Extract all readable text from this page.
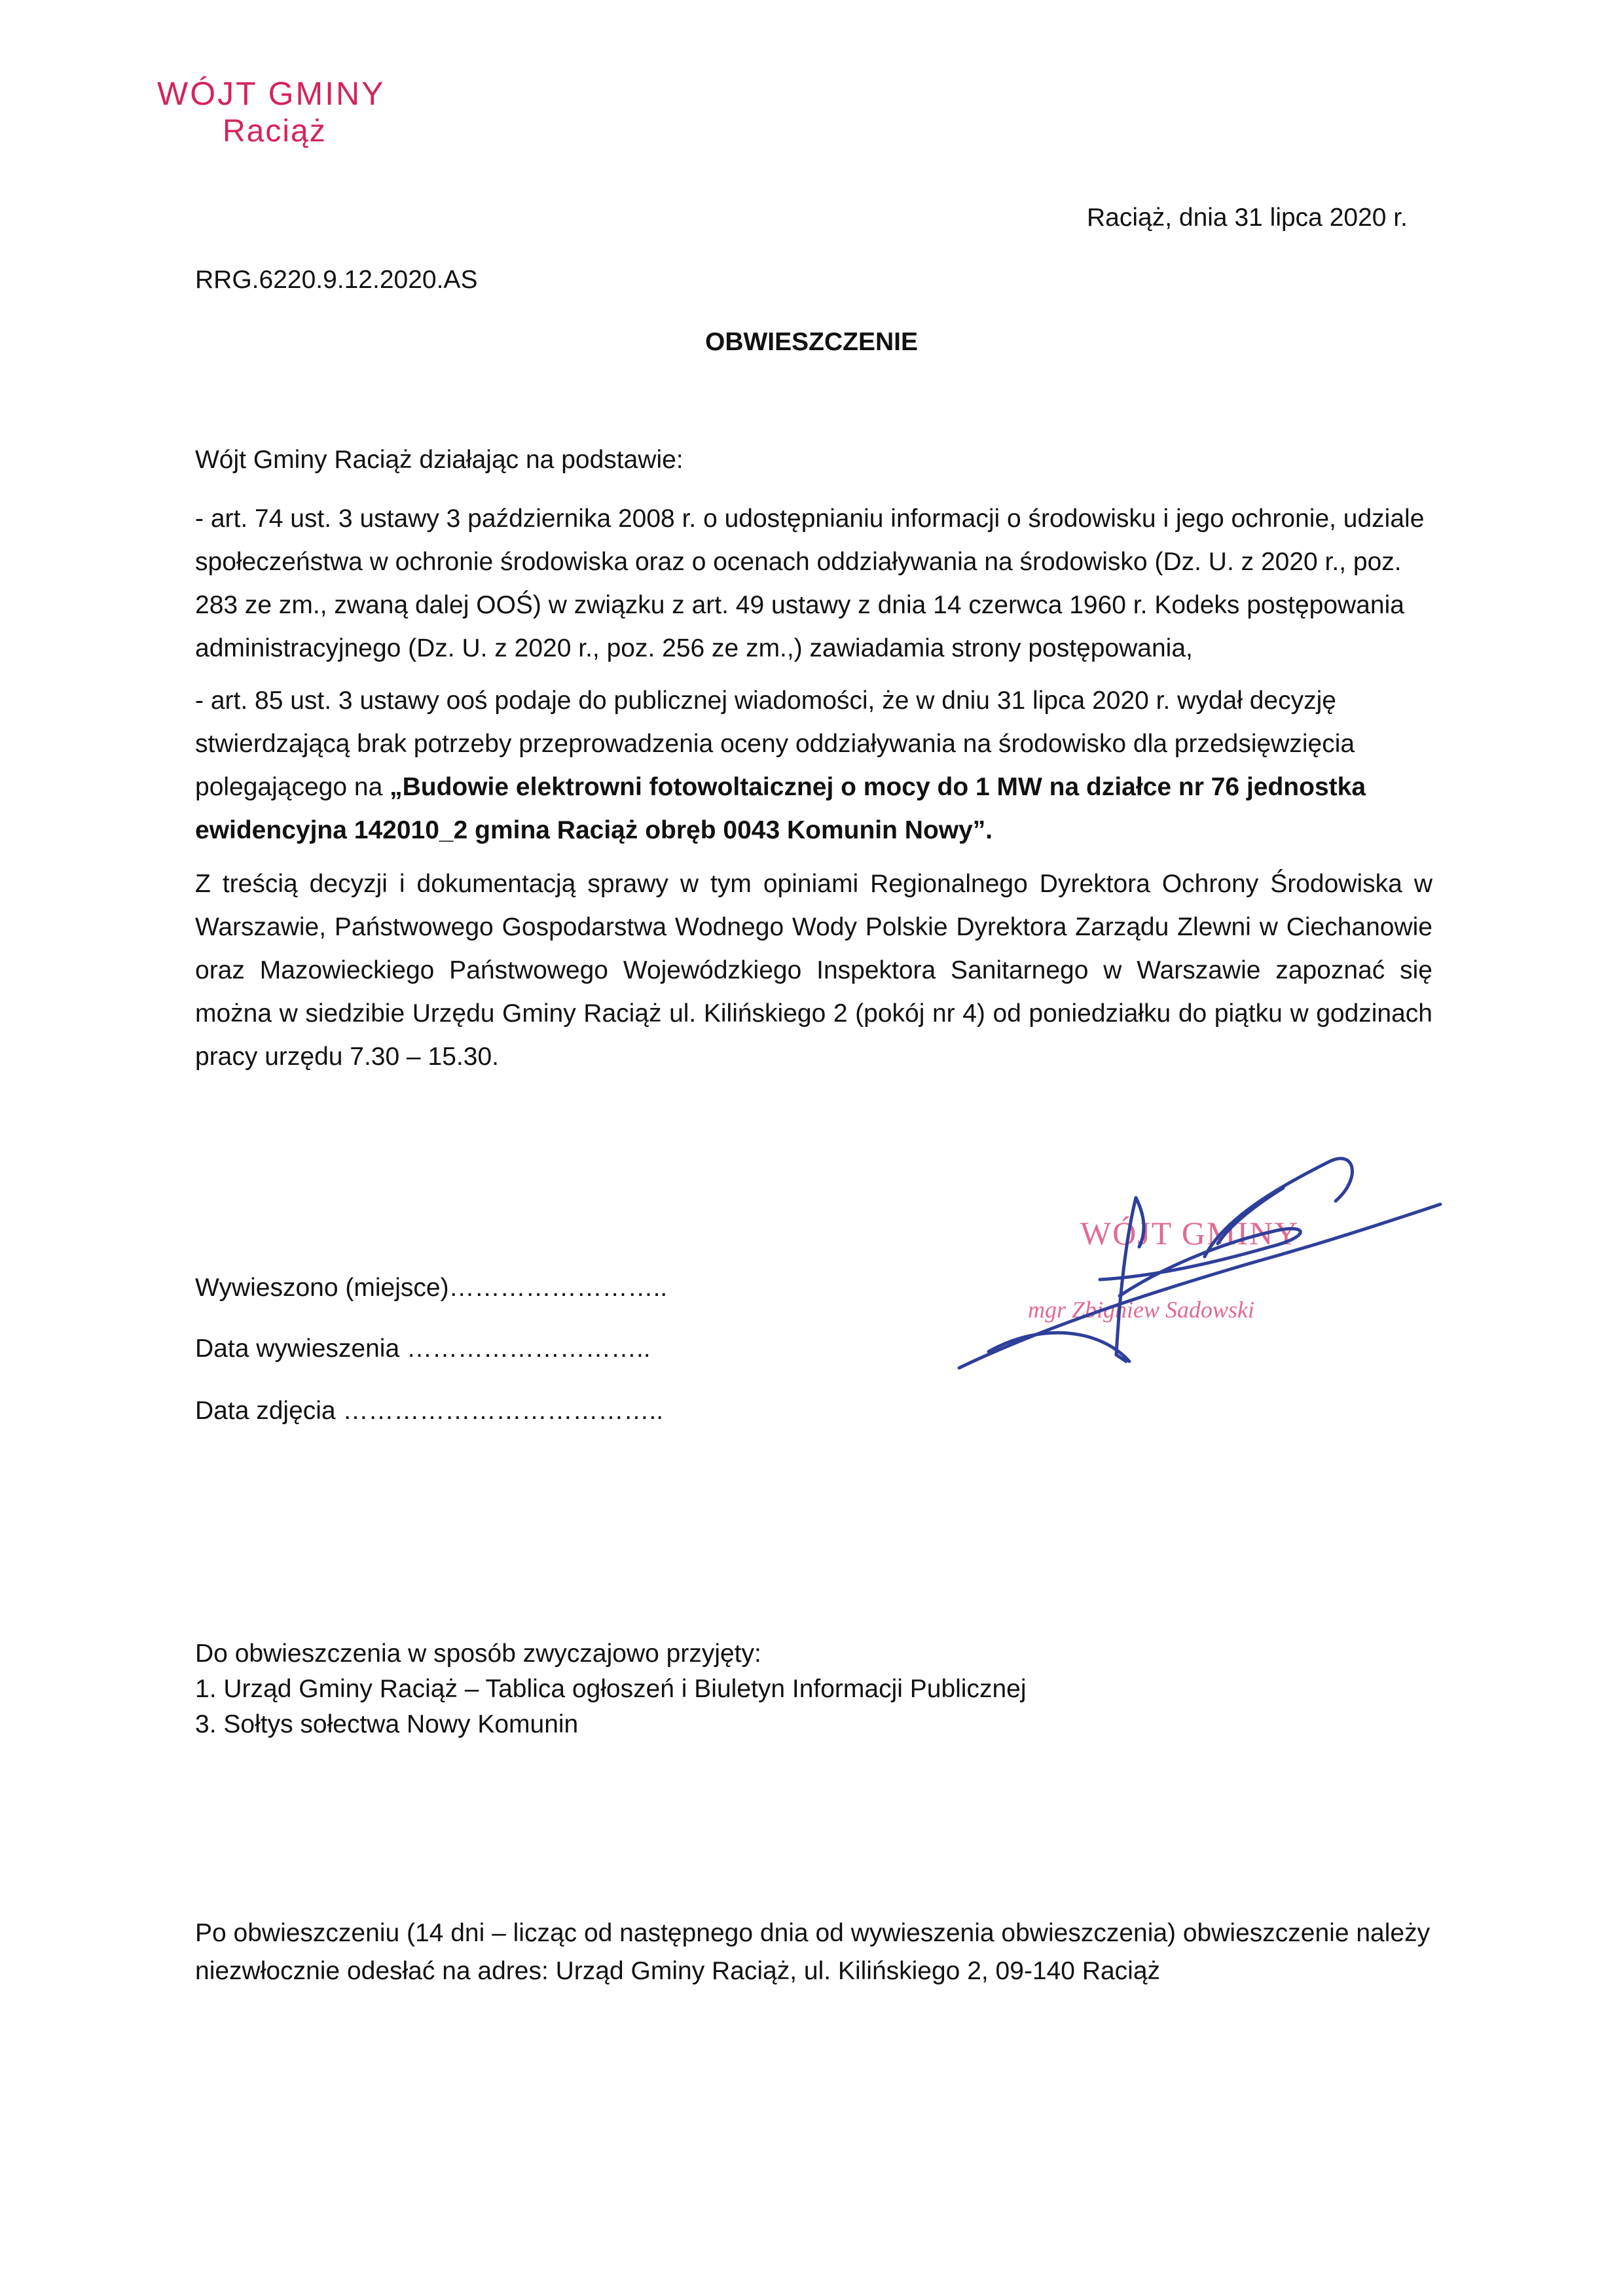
WÓJT GMINY
Raciąż
Raciąż, dnia 31 lipca 2020 r.
RRG.6220.9.12.2020.AS
OBWIESZCZENIE

Wójt Gminy Raciąż działając na podstawie:

- art. 74 ust. 3 ustawy 3 października 2008 r. o udostępnianiu informacji o środowisku i jego ochronie, udziale społeczeństwa w ochronie środowiska oraz o ocenach oddziaływania na środowisko (Dz. U. z 2020 r., poz. 283 ze zm., zwaną dalej OOŚ) w związku z art. 49 ustawy z dnia 14 czerwca 1960 r. Kodeks postępowania administracyjnego (Dz. U. z 2020 r., poz. 256 ze zm.,) zawiadamia strony postępowania,

- art. 85 ust. 3 ustawy ooś podaje do publicznej wiadomości, że w dniu 31 lipca 2020 r. wydał decyzję stwierdzającą brak potrzeby przeprowadzenia oceny oddziaływania na środowisko dla przedsięwzięcia polegającego na „Budowie elektrowni fotowoltaicznej o mocy do 1 MW na działce nr 76 jednostka ewidencyjna 142010_2 gmina Raciąż obręb 0043 Komunin Nowy”.

Z treścią decyzji i dokumentacją sprawy w tym opiniami Regionalnego Dyrektora Ochrony Środowiska w Warszawie, Państwowego Gospodarstwa Wodnego Wody Polskie Dyrektora Zarządu Zlewni w Ciechanowie oraz Mazowieckiego Państwowego Wojewódzkiego Inspektora Sanitarnego w Warszawie zapoznać się można w siedzibie Urzędu Gminy Raciąż ul. Kilińskiego 2 (pokój nr 4) od poniedziałku do piątku w godzinach pracy urzędu 7.30 – 15.30.

Wywieszono (miejsce)……………………..
Data wywieszenia ………………………..
Data zdjęcia ………………………………..
WÓJT GMINY
mgr Zbigniew Sadowski
Do obwieszczenia w sposób zwyczajowo przyjęty:
1. Urząd Gminy Raciąż – Tablica ogłoszeń i Biuletyn Informacji Publicznej
3. Sołtys sołectwa Nowy Komunin

Po obwieszczeniu (14 dni – licząc od następnego dnia od wywieszenia obwieszczenia) obwieszczenie należy niezwłocznie odesłać na adres: Urząd Gminy Raciąż, ul. Kilińskiego 2, 09-140 Raciąż
